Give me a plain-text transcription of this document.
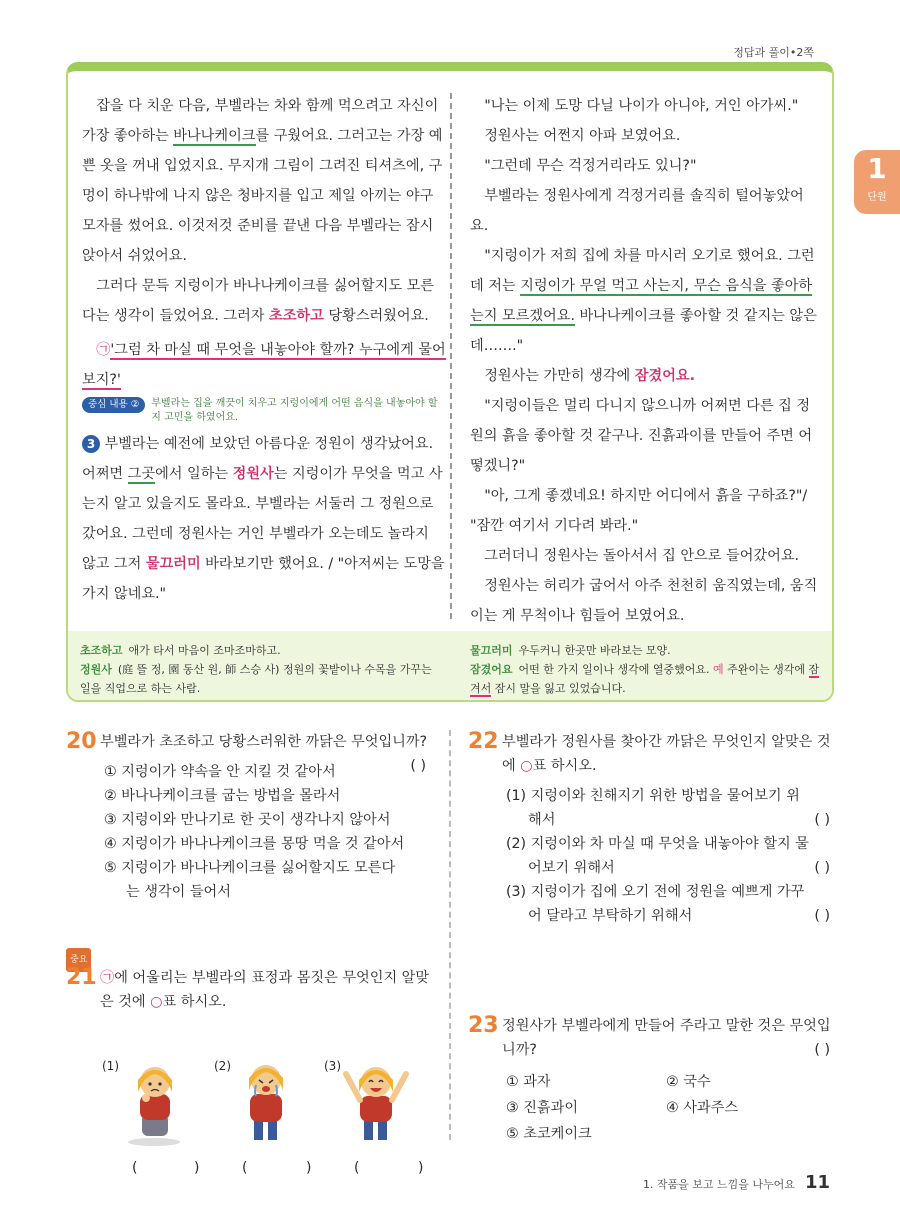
정답과 풀이•2쪽
1
단원

잡을 다 치운 다음, 부벨라는 차와 함께 먹으려고 자신이 가장 좋아하는 바나나케이크를 구웠어요. 그러고는 가장 예쁜 옷을 꺼내 입었지요. 무지개 그림이 그려진 티셔츠에, 구멍이 하나밖에 나지 않은 청바지를 입고 제일 아끼는 야구 모자를 썼어요. 이것저것 준비를 끝낸 다음 부벨라는 잠시 앉아서 쉬었어요.

그러다 문득 지렁이가 바나나케이크를 싫어할지도 모른다는 생각이 들었어요. 그러자 초조하고 당황스러웠어요.

㉠'그럼 차 마실 때 무엇을 내놓아야 할까? 누구에게 물어보지?'

중심 내용 ②	부벨라는 집을 깨끗이 치우고 지렁이에게 어떤 음식을 내놓아야 할지 고민을 하였어요.

3 부벨라는 예전에 보았던 아름다운 정원이 생각났어요. 어쩌면 그곳에서 일하는 정원사는 지렁이가 무엇을 먹고 사는지 알고 있을지도 몰라요. 부벨라는 서둘러 그 정원으로 갔어요. 그런데 정원사는 거인 부벨라가 오는데도 놀라지 않고 그저 물끄러미 바라보기만 했어요. / "아저씨는 도망을 가지 않네요."

"나는 이제 도망 다닐 나이가 아니야, 거인 아가씨."

정원사는 어쩐지 아파 보였어요.

"그런데 무슨 걱정거리라도 있니?"

부벨라는 정원사에게 걱정거리를 솔직히 털어놓았어요.

"지렁이가 저희 집에 차를 마시러 오기로 했어요. 그런데 저는 지렁이가 무얼 먹고 사는지, 무슨 음식을 좋아하는지 모르겠어요. 바나나케이크를 좋아할 것 같지는 않은데……."

정원사는 가만히 생각에 잠겼어요.

"지렁이들은 멀리 다니지 않으니까 어쩌면 다른 집 정원의 흙을 좋아할 것 같구나. 진흙과이를 만들어 주면 어떻겠니?"

"아, 그게 좋겠네요! 하지만 어디에서 흙을 구하죠?"/ "잠깐 여기서 기다려 봐라."

그러더니 정원사는 돌아서서 집 안으로 들어갔어요.

정원사는 허리가 굽어서 아주 천천히 움직였는데, 움직이는 게 무척이나 힘들어 보였어요.

초조하고 애가 타서 마음이 조마조마하고.
정원사 (庭 뜰 정, 園 동산 원, 師 스승 사) 정원의 꽃밭이나 수목을 가꾸는 일을 직업으로 하는 사람.
물끄러미 우두커니 한곳만 바라보는 모양.
잠겼어요 어떤 한 가지 일이나 생각에 열중했어요. 예 주완이는 생각에 잠겨서 잠시 말을 잃고 있었습니다.
20 부벨라가 초조하고 당황스러워한 까닭은 무엇입니까?
( )
① 지렁이가 약속을 안 지킬 것 같아서
② 바나나케이크를 굽는 방법을 몰라서
③ 지렁이와 만나기로 한 곳이 생각나지 않아서
④ 지렁이가 바나나케이크를 몽땅 먹을 것 같아서
⑤ 지렁이가 바나나케이크를 싫어할지도 모른다
는 생각이 들어서
중요
21 ㉠에 어울리는 부벨라의 표정과 몸짓은 무엇인지 알맞은 것에 ○표 하시오.
(1)	(2)	(3)
(	)	(	)	(	)
22 부벨라가 정원사를 찾아간 까닭은 무엇인지 알맞은 것에 ○표 하시오.
(1) 지렁이와 친해지기 위한 방법을 물어보기 위
해서	( )
(2) 지렁이와 차 마실 때 무엇을 내놓아야 할지 물
어보기 위해서	( )
(3) 지렁이가 집에 오기 전에 정원을 예쁘게 가꾸
어 달라고 부탁하기 위해서	( )
23 정원사가 부벨라에게 만들어 주라고 말한 것은 무엇입니까?	( )
① 과자	② 국수
③ 진흙과이	④ 사과주스
⑤ 초코케이크
1. 작품을 보고 느낌을 나누어요 11
